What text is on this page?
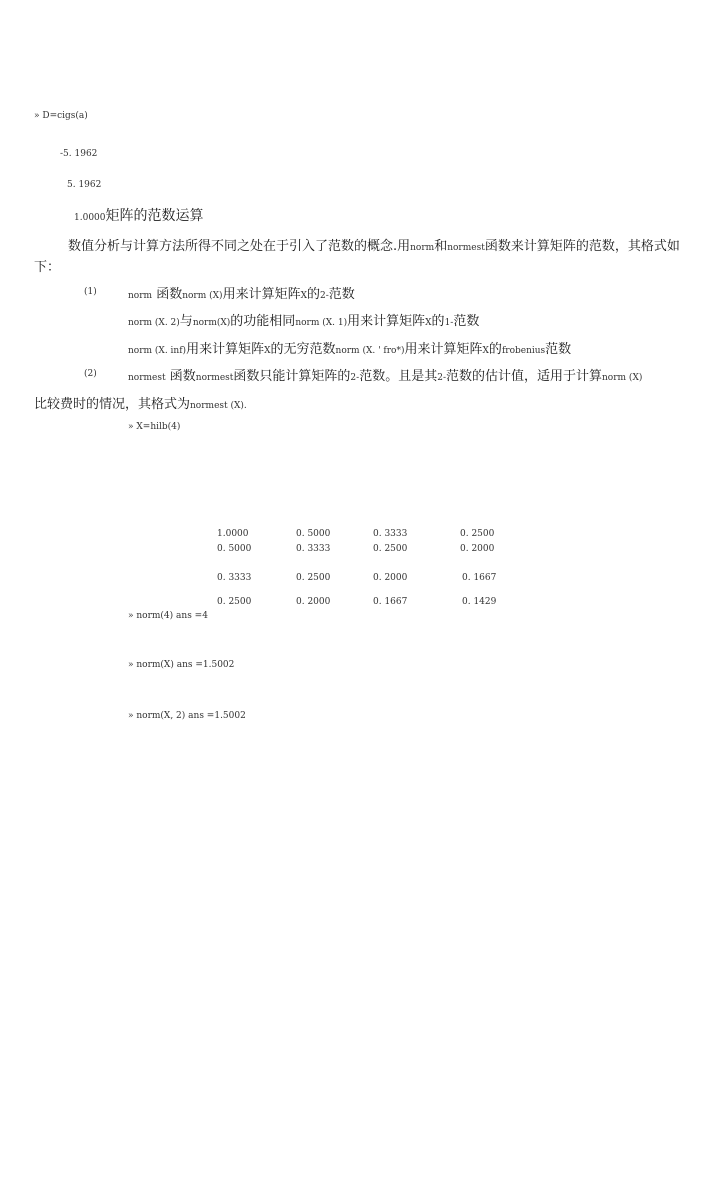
» D=cigs(a)
-5. 1962
5. 1962
1.0000矩阵的范数运算
数值分析与计算方法所得不同之处在于引入了范数的概念.用norm和normest函数来计算矩阵的范数，其格式如下：
(1)	norm 函数norm (X)用来计算矩阵X的2-范数
norm (X. 2)与norm(X)的功能相同norm (X. 1)用来计算矩阵X的1-范数
norm (X. inf)用来计算矩阵X的无穷范数norm (X. ' fro*)用来计算矩阵X的frobenius范数
(2)	normest 函数normest函数只能计算矩阵的2-范数。且是其2-范数的估计值，适用于计算norm (X)
比较费时的情况，其格式为normest (X).
» X=hilb(4)
1.0000	0. 5000	0. 3333	0. 2500
0. 5000	0. 3333	0. 2500	0. 2000
0. 3333	0. 2500	0. 2000	0. 1667
0. 2500	0. 2000	0. 1667	0. 1429
» norm(4) ans =4
» norm(X) ans =1.5002
» norm(X, 2) ans =1.5002
